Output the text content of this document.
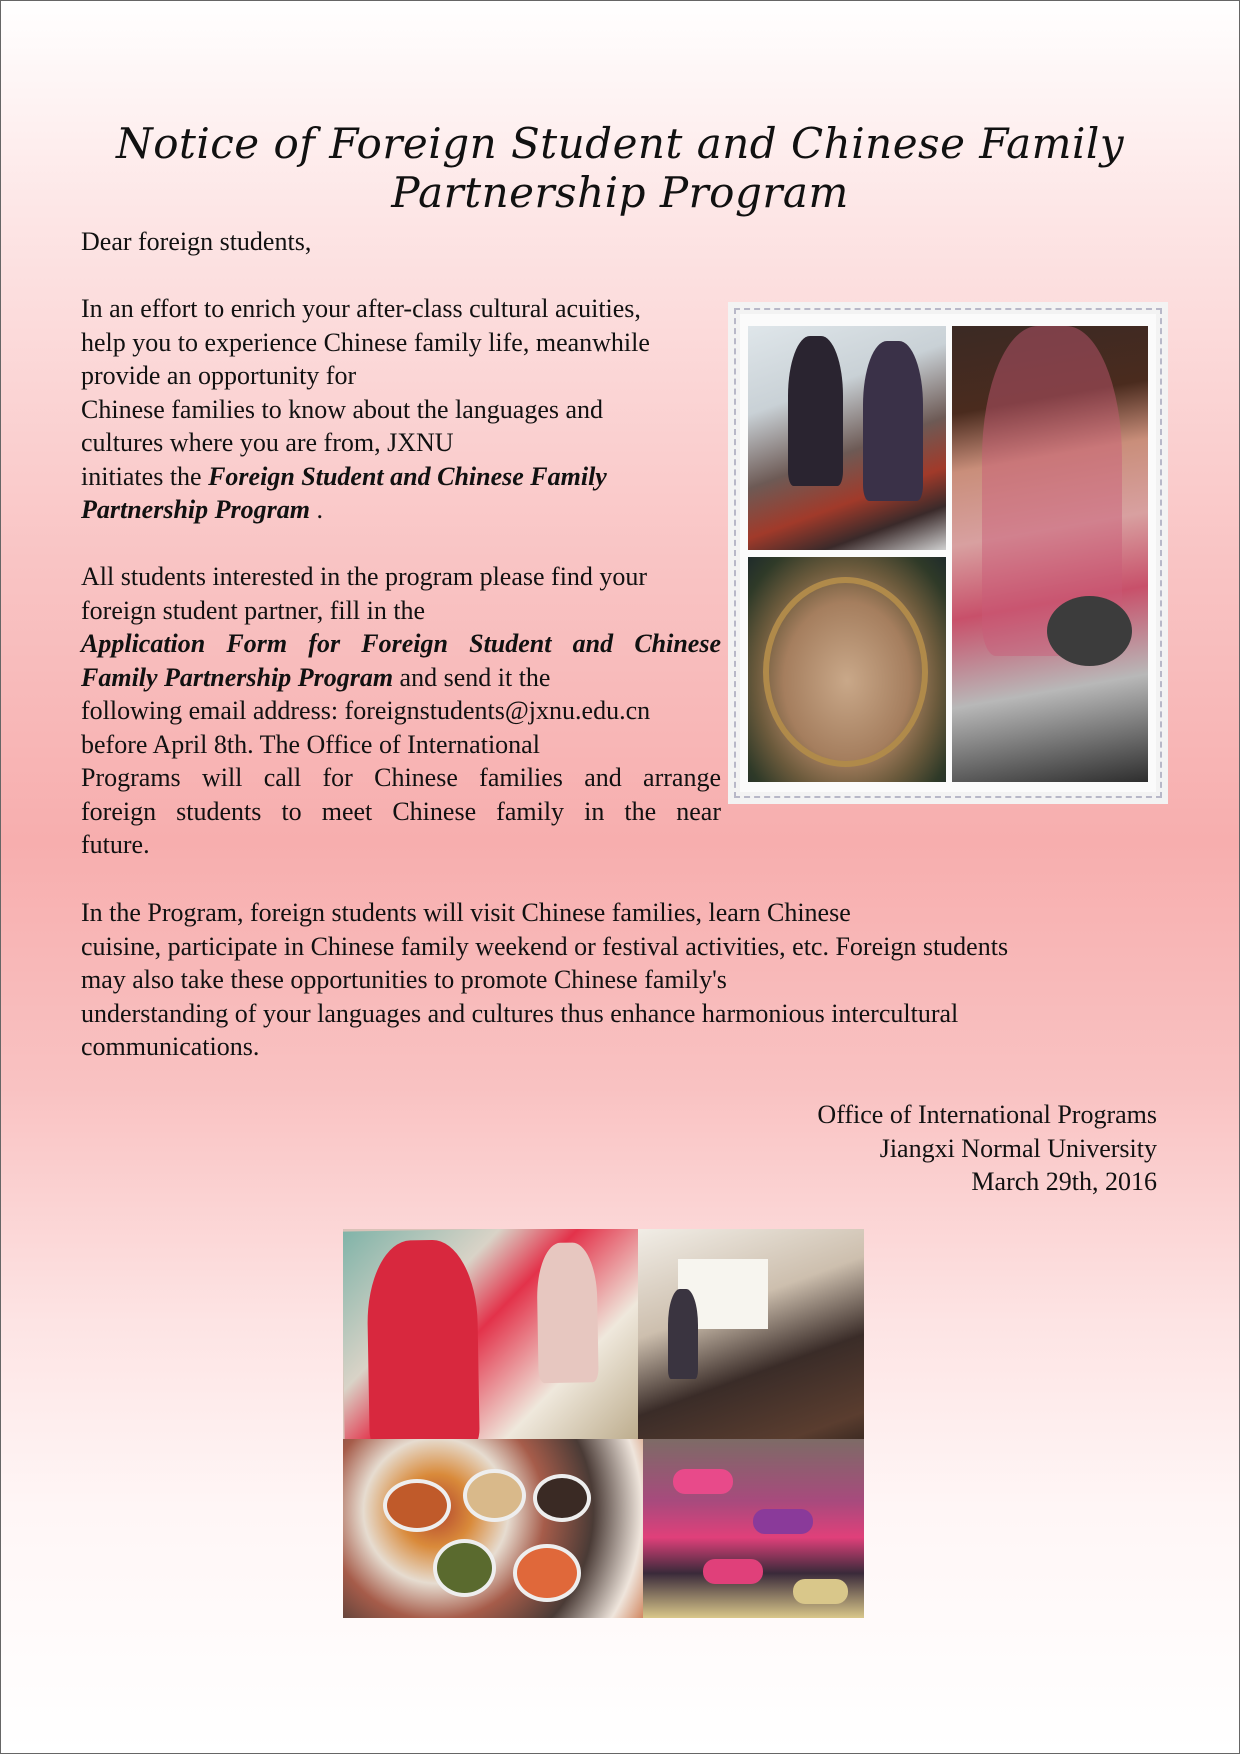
Notice of Foreign Student and Chinese Family Partnership Program
Dear foreign students,
In an effort to enrich your after-class cultural acuities,
help you to experience Chinese family life, meanwhile
provide an opportunity for
Chinese families to know about the languages and
cultures where you are from, JXNU
initiates the Foreign Student and Chinese Family
Partnership Program .
All students interested in the program please find your
foreign student partner, fill in the
Application Form for Foreign Student and Chinese
Family Partnership Program and send it the
following email address: foreignstudents@jxnu.edu.cn
before April 8th. The Office of International
Programs will call for Chinese families and arrange
foreign students to meet Chinese family in the near
future.
In the Program, foreign students will visit Chinese families, learn Chinese
cuisine, participate in Chinese family weekend or festival activities, etc. Foreign students
may also take these opportunities to promote Chinese family's
understanding of your languages and cultures thus enhance harmonious intercultural
communications.
Office of International Programs
Jiangxi Normal University
March 29th, 2016
